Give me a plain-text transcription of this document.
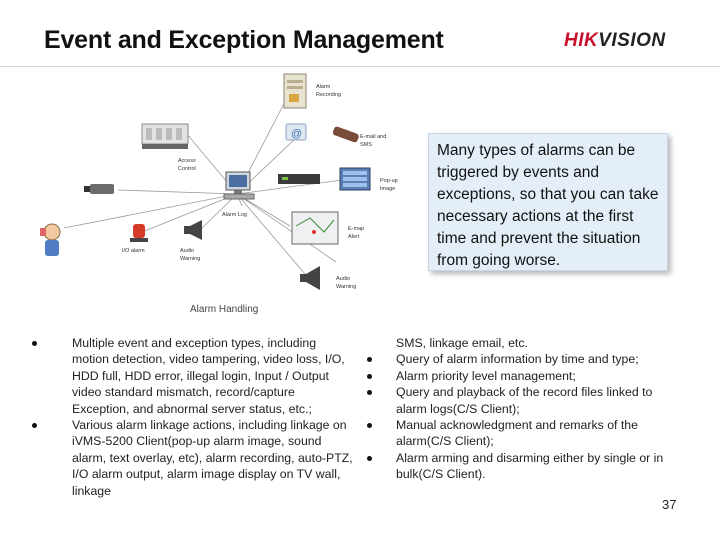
Event and Exception Management	HIKVISION
Alarm
Recording
@	E-mail and
SMS
Access
Control
Pop-up
Image
Alarm Log
I/O alarm	Audio
Warning
E-map
Alert
Audio
Warning
Alarm Handling
Many types of alarms can be triggered by events and exceptions, so that you can take necessary actions at the first time and prevent the situation from going worse.
Multiple event and exception types, including motion detection, video tampering, video loss, I/O, HDD full, HDD error, illegal login, Input / Output video standard mismatch, record/capture Exception, and abnormal server status, etc.;
Various alarm linkage actions, including linkage on iVMS-5200 Client(pop-up alarm image, sound alarm, text overlay, etc), alarm recording, auto-PTZ, I/O alarm output, alarm image display on TV wall, linkage
SMS, linkage email, etc.
Query of alarm information by time and type;
Alarm priority level management;
Query and playback of the record files linked to alarm logs(C/S Client);
Manual acknowledgment and remarks of the alarm(C/S Client);
Alarm arming and disarming either by single or in bulk(C/S Client).
37
